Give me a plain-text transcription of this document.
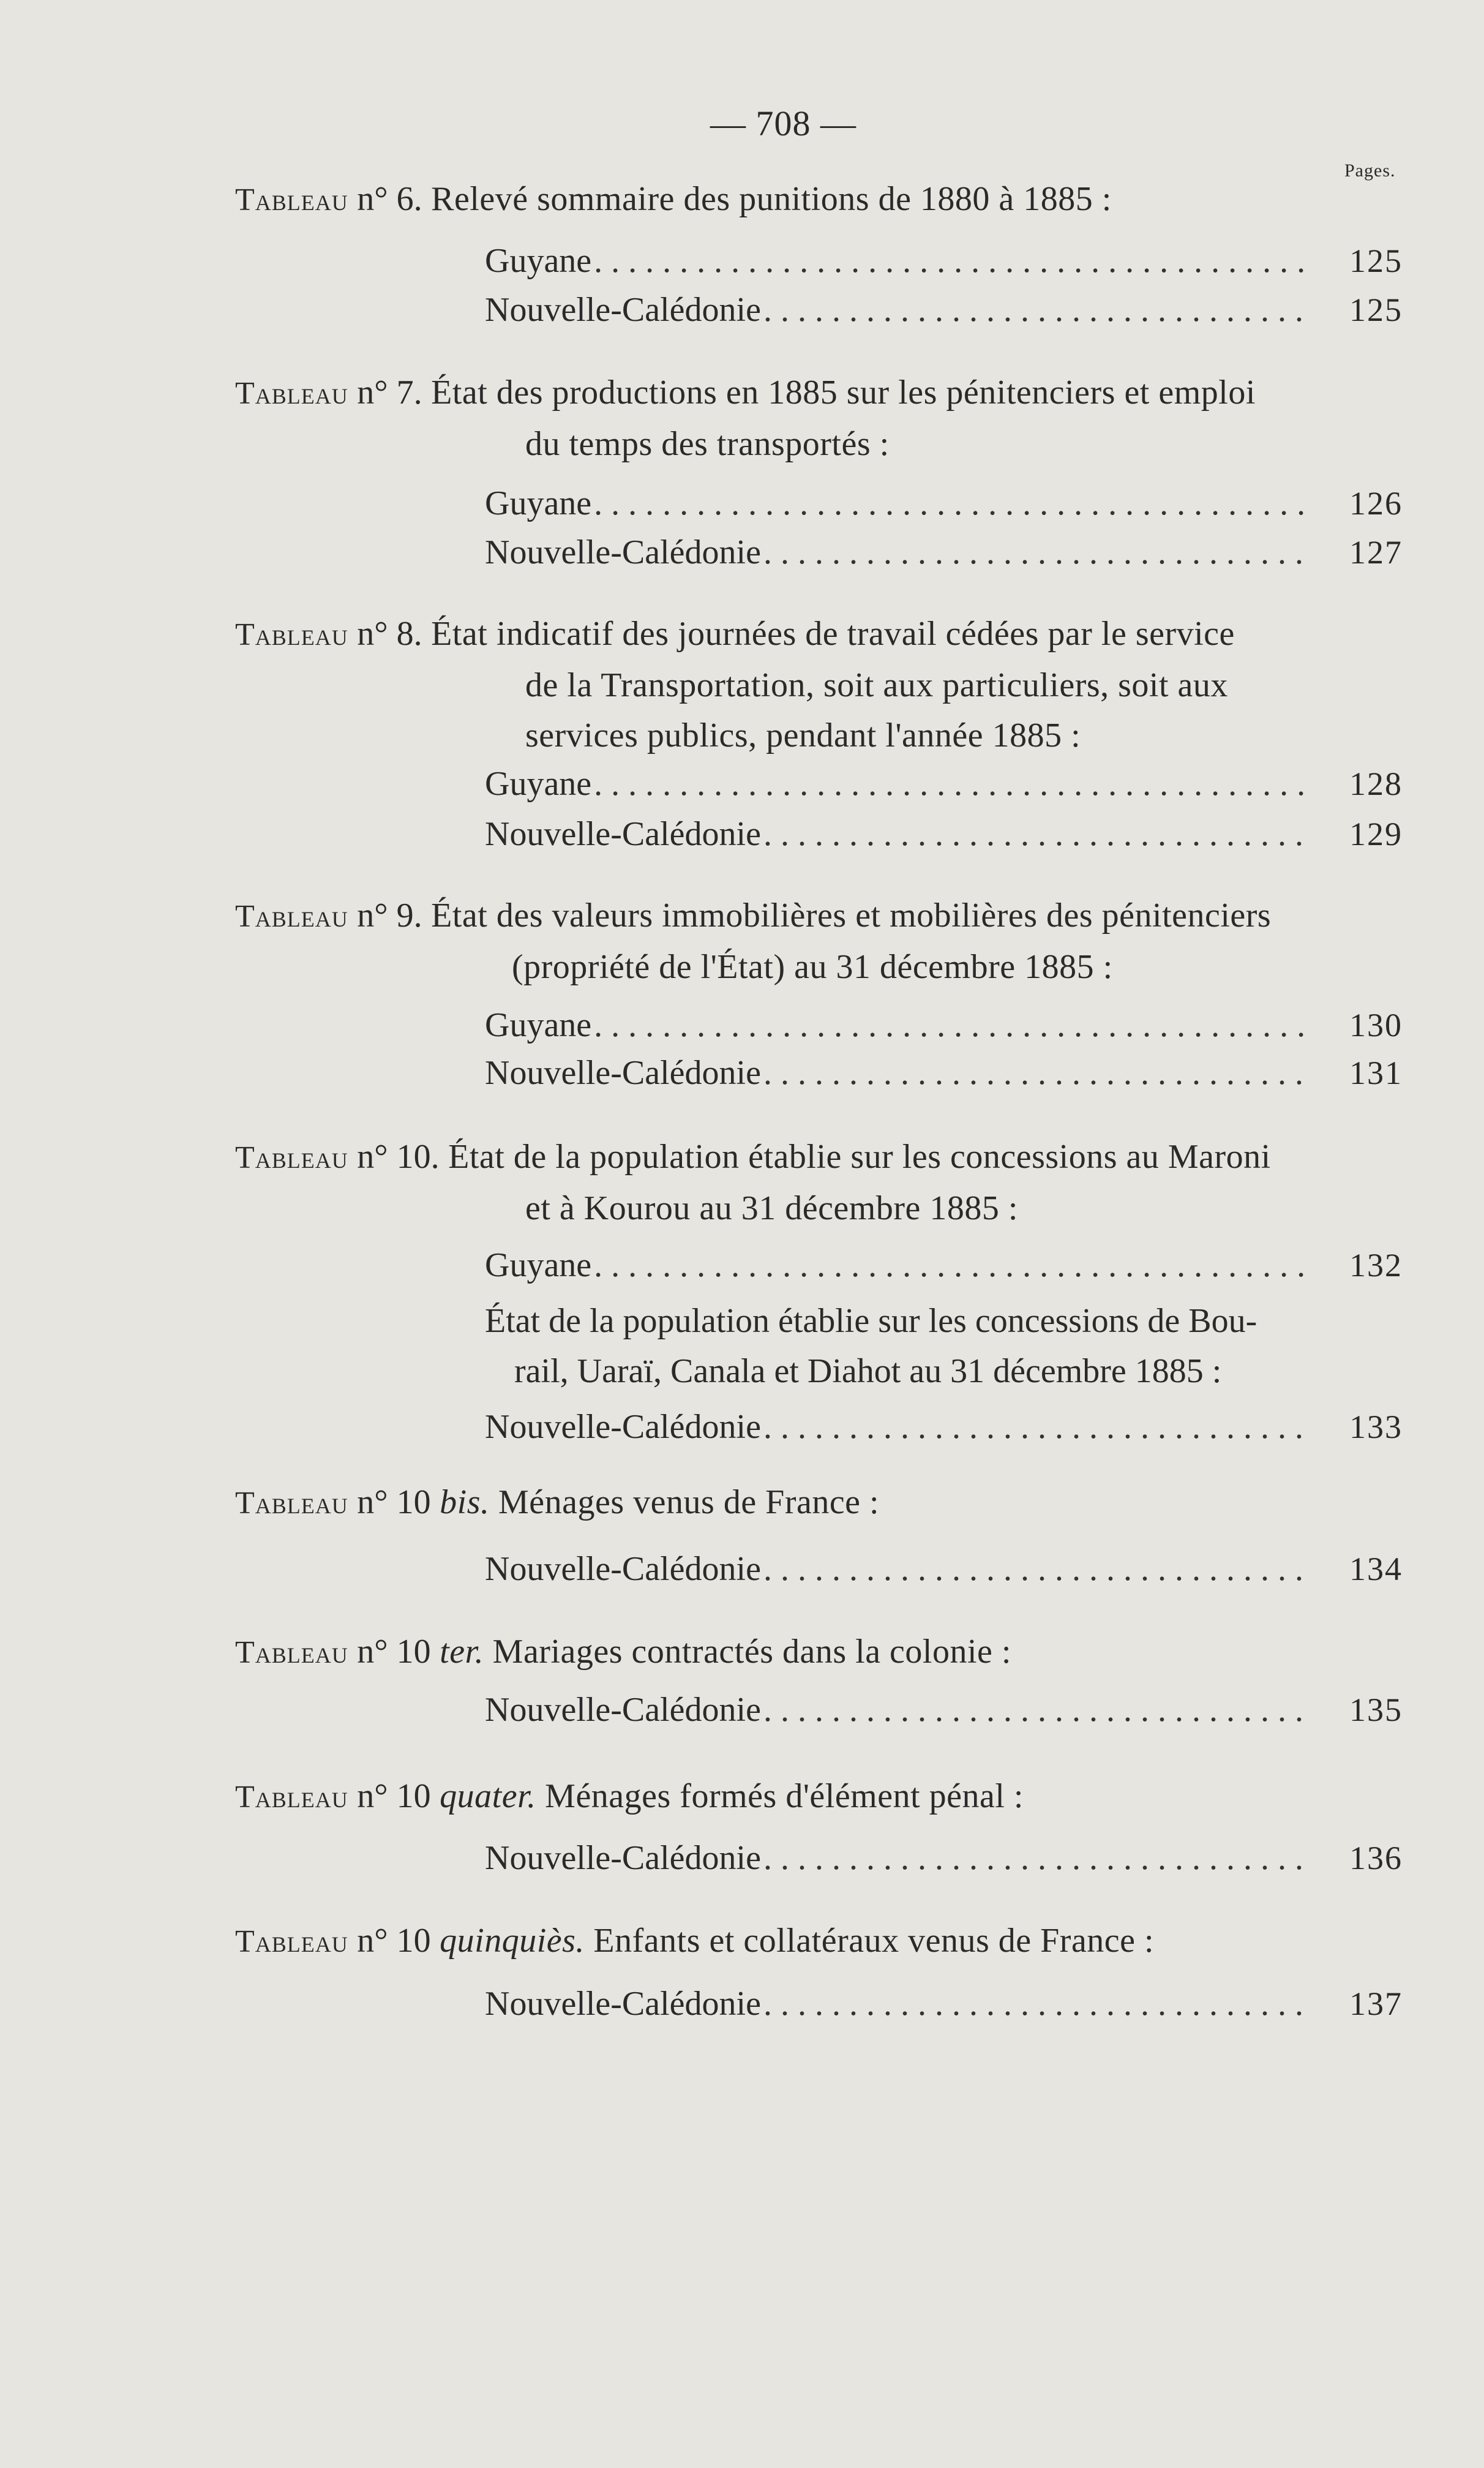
— 708 —
Pages.
Tableau n° 6. Relevé sommaire des punitions de 1880 à 1885 :
Guyane . . .	125
Nouvelle-Calédonie . . .	125
Tableau n° 7. État des productions en 1885 sur les pénitenciers et emploi
du temps des transportés :
Guyane . . .	126
Nouvelle-Calédonie . . .	127
Tableau n° 8. État indicatif des journées de travail cédées par le service
de la Transportation, soit aux particuliers, soit aux
services publics, pendant l'année 1885 :
Guyane . . .	128
Nouvelle-Calédonie . . .	129
Tableau n° 9. État des valeurs immobilières et mobilières des pénitenciers
(propriété de l'État) au 31 décembre 1885 :
Guyane . . .	130
Nouvelle-Calédonie . . .	131
Tableau n° 10. État de la population établie sur les concessions au Maroni
et à Kourou au 31 décembre 1885 :
Guyane . . .	132
État de la population établie sur les concessions de Bou-
rail, Uaraï, Canala et Diahot au 31 décembre 1885 :
Nouvelle-Calédonie . . .	133
Tableau n° 10 bis. Ménages venus de France :
Nouvelle-Calédonie . . .	134
Tableau n° 10 ter. Mariages contractés dans la colonie :
Nouvelle-Calédonie . . .	135
Tableau n° 10 quater. Ménages formés d'élément pénal :
Nouvelle-Calédonie . . .	136
Tableau n° 10 quinquiès. Enfants et collatéraux venus de France :
Nouvelle-Calédonie . . .	137
